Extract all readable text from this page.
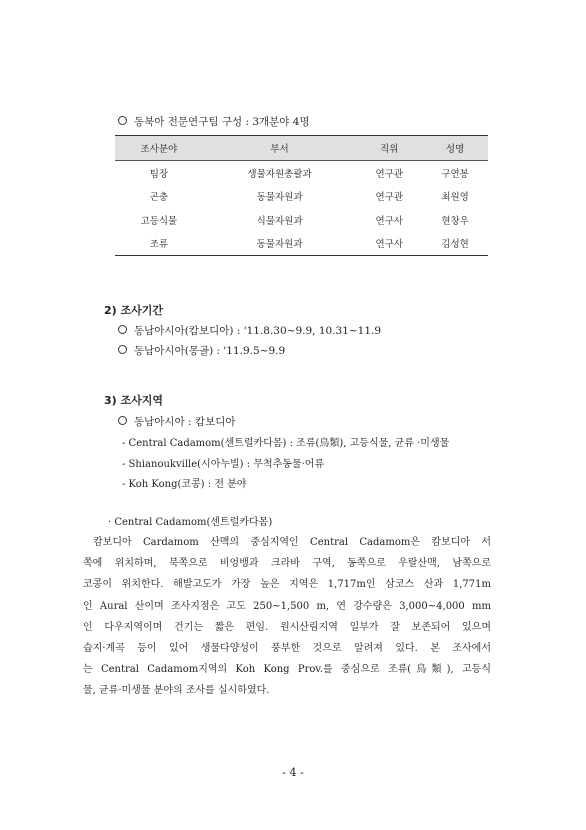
동북아 전문연구팀 구성 : 3개분야 4명
조사분야	부서	직위	성명
팀장	생물자원총괄과	연구관	구연봉
곤충	동물자원과	연구관	최원영
고등식물	식물자원과	연구사	현창우
조류	동물자원과	연구사	김성현
2) 조사기간
동남아시아(캄보디아) : '11.8.30∼9.9, 10.31∼11.9
동남아시아(몽골) : '11.9.5∼9.9
3) 조사지역
동남아시아 : 캄보디아
- Central Cadamom(센트럴카다몸) : 조류(鳥類), 고등식물, 균류 ·미생물
- Shianoukville(시아누빌) : 무척추동물·어류
- Koh Kong(코콩) : 전 분야
· Central Cadamom(센트럴카다몸)
캄보디아 Cardamom 산맥의 중심지역인 Central Cadamom은 캄보디아 서
쪽에 위치하며, 북쪽으로 비엉뱅과 크라바 구역, 동쪽으로 우랄산맥, 남쪽으로
코콩이 위치한다. 해발고도가 가장 높은 지역은 1,717m인 삼코스 산과 1,771m
인 Aural 산이며 조사지점은 고도 250~1,500 m, 연 강수량은 3,000~4,000 mm
인 다우지역이며 건기는 짧은 편임. 원시산림지역 일부가 잘 보존되어 있으며
습지·계곡 등이 있어 생물다양성이 풍부한 것으로 알려져 있다. 본 조사에서
는 Central Cadamom지역의 Koh Kong Prov.를 중심으로 조류(鳥類), 고등식
물, 균류·미생물 분야의 조사를 실시하였다.
- 4 -
